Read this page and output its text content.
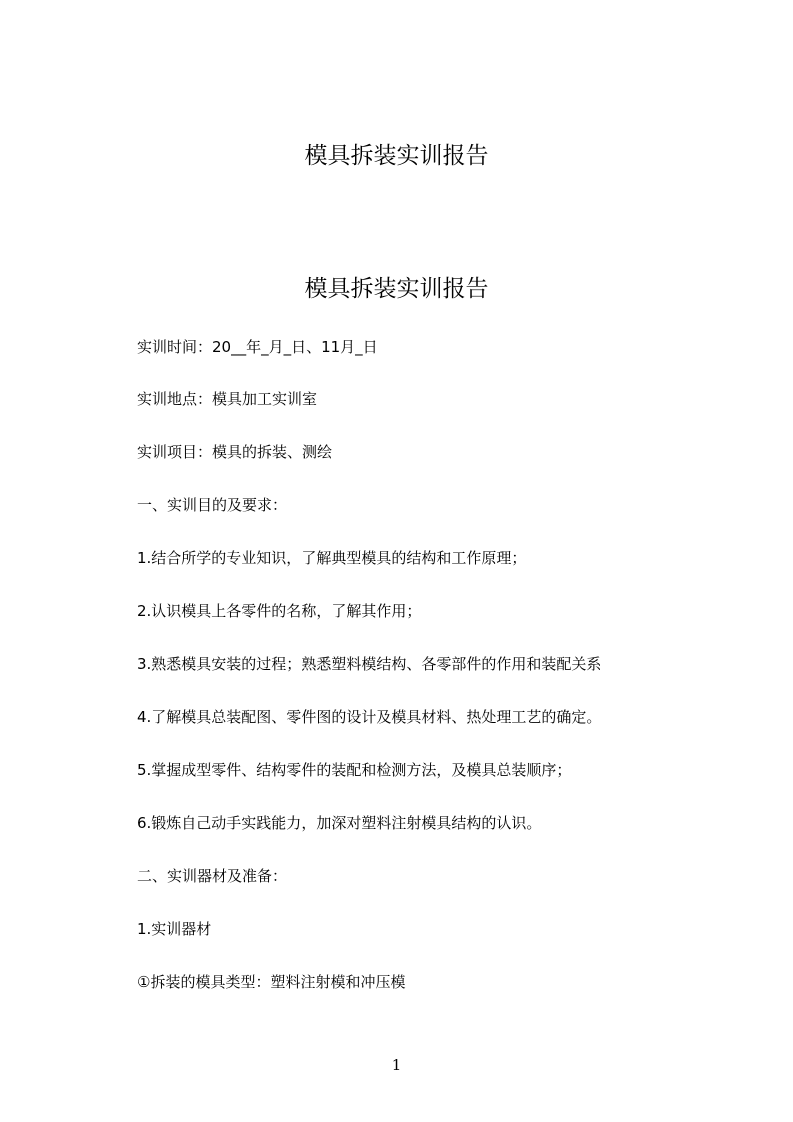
模具拆装实训报告
模具拆装实训报告
实训时间：20__年_月_日、11月_日
实训地点：模具加工实训室
实训项目：模具的拆装、测绘
一、实训目的及要求：
1.结合所学的专业知识，了解典型模具的结构和工作原理；
2.认识模具上各零件的名称，了解其作用；
3.熟悉模具安装的过程；熟悉塑料模结构、各零部件的作用和装配关系
4.了解模具总装配图、零件图的设计及模具材料、热处理工艺的确定。
5.掌握成型零件、结构零件的装配和检测方法，及模具总装顺序；
6.锻炼自己动手实践能力，加深对塑料注射模具结构的认识。
二、实训器材及准备：
1.实训器材
①拆装的模具类型：塑料注射模和冲压模
1
